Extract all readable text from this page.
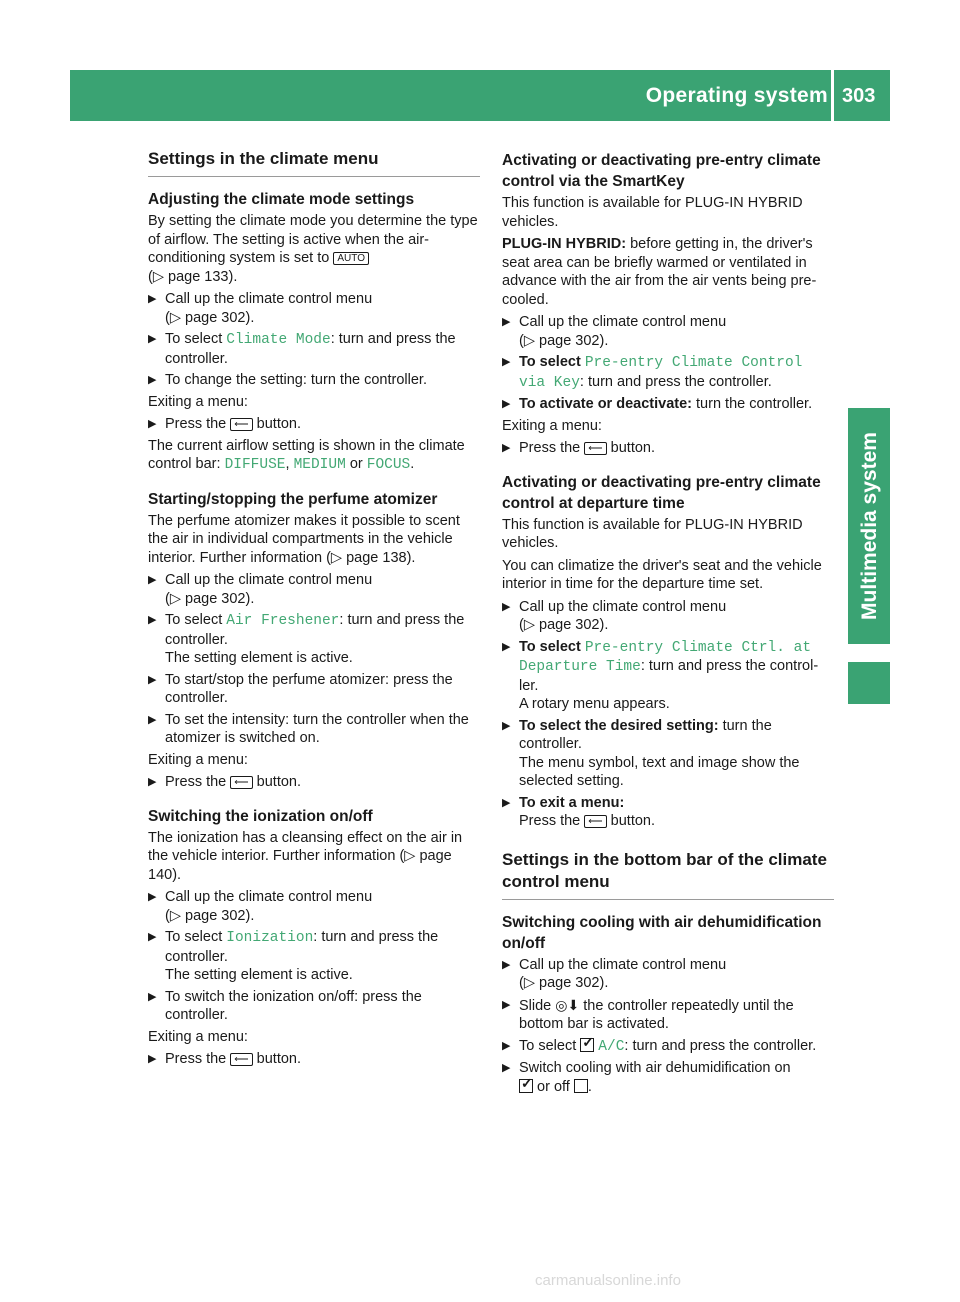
Operating system 303
Multimedia system
Settings in the climate menu
Adjusting the climate mode settings

By setting the climate mode you determine the type of airflow. The setting is active when the air-conditioning system is set to AUTO
(▷ page 133).

▶ Call up the climate control menu
(▷ page 302).
▶ To select Climate Mode: turn and press the controller.
▶ To change the setting: turn the controller.

Exiting a menu:

▶ Press the ⟵ button.

The current airflow setting is shown in the climate control bar: DIFFUSE, MEDIUM or FOCUS.

Starting/stopping the perfume atomizer

The perfume atomizer makes it possible to scent the air in individual compartments in the vehicle interior. Further information (▷ page 138).

▶ Call up the climate control menu
(▷ page 302).
▶ To select Air Freshener: turn and press the controller.
The setting element is active.
▶ To start/stop the perfume atomizer: press the controller.
▶ To set the intensity: turn the controller when the atomizer is switched on.

Exiting a menu:

▶ Press the ⟵ button.
Switching the ionization on/off

The ionization has a cleansing effect on the air in the vehicle interior. Further information (▷ page 140).

▶ Call up the climate control menu
(▷ page 302).
▶ To select Ionization: turn and press the controller.
The setting element is active.
▶ To switch the ionization on/off: press the controller.

Exiting a menu:

▶ Press the ⟵ button.
Activating or deactivating pre-entry climate control via the SmartKey

This function is available for PLUG-IN HYBRID vehicles.

PLUG-IN HYBRID: before getting in, the driver's seat area can be briefly warmed or ventilated in advance with the air from the air vents being pre-cooled.

▶ Call up the climate control menu
(▷ page 302).
▶ To select Pre-entry Climate Control via Key: turn and press the controller.
▶ To activate or deactivate: turn the controller.

Exiting a menu:

▶ Press the ⟵ button.
Activating or deactivating pre-entry climate control at departure time

This function is available for PLUG-IN HYBRID vehicles.

You can climatize the driver's seat and the vehicle interior in time for the departure time set.

▶ Call up the climate control menu
(▷ page 302).
▶ To select Pre-entry Climate Ctrl. at Departure Time: turn and press the control-ler.
A rotary menu appears.
▶ To select the desired setting: turn the controller.
The menu symbol, text and image show the selected setting.
▶ To exit a menu:
Press the ⟵ button.
Settings in the bottom bar of the climate control menu
Switching cooling with air dehumidification on/off
▶ Call up the climate control menu
(▷ page 302).
▶ Slide ◎⬇ the controller repeatedly until the bottom bar is activated.
▶ To select ✓ A/C: turn and press the controller.
▶ Switch cooling with air dehumidification on
✓ or off .
carmanualsonline.info
